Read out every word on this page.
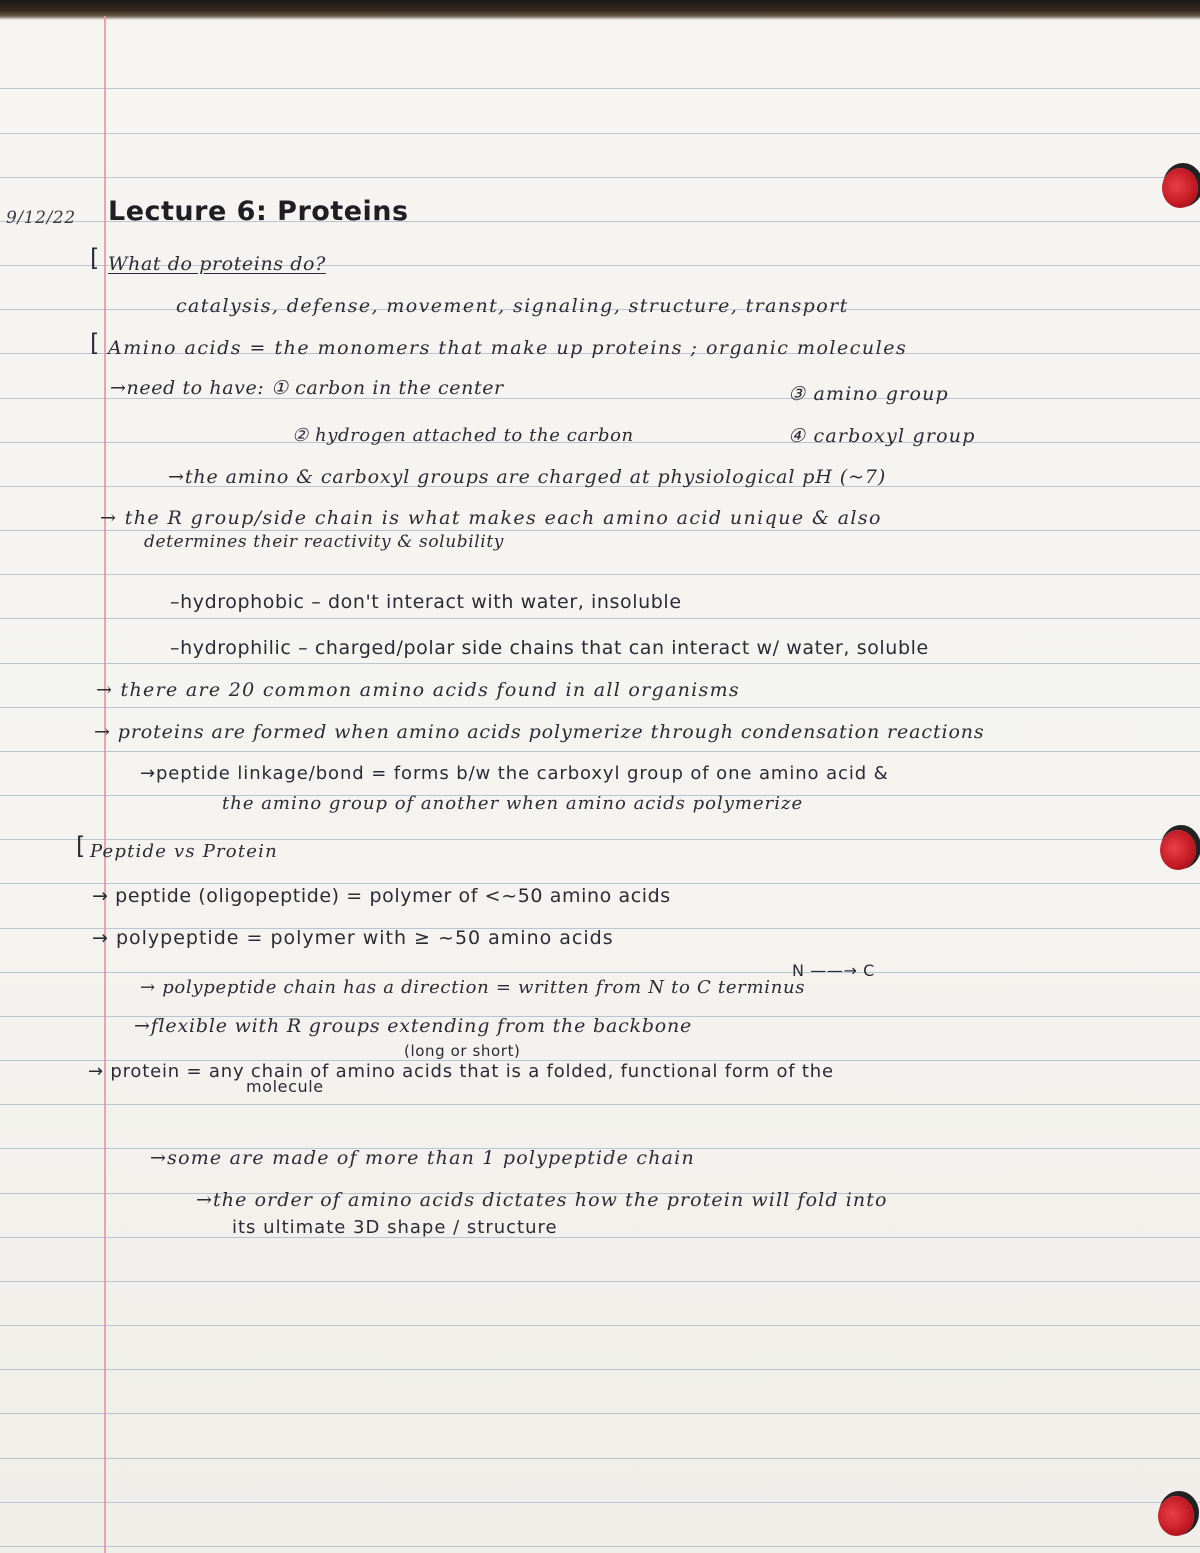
9/12/22 Lecture 6: Proteins
[ What do proteins do?
catalysis, defense, movement, signaling, structure, transport
[ Amino acids = the monomers that make up proteins ; organic molecules
→need to have: ① carbon in the center	③ amino group
② hydrogen attached to the carbon	④ carboxyl group
→the amino & carboxyl groups are charged at physiological pH (~7)
→ the R group/side chain is what makes each amino acid unique & also
determines their reactivity & solubility
–hydrophobic – don't interact with water, insoluble
–hydrophilic – charged/polar side chains that can interact w/ water, soluble
→ there are 20 common amino acids found in all organisms
→ proteins are formed when amino acids polymerize through condensation reactions
→peptide linkage/bond = forms b/w the carboxyl group of one amino acid &
the amino group of another when amino acids polymerize
[ Peptide vs Protein
→ peptide (oligopeptide) = polymer of <~50 amino acids
→ polypeptide = polymer with ≥ ~50 amino acids
N ——→ C
→ polypeptide chain has a direction = written from N to C terminus
→flexible with R groups extending from the backbone
(long or short)
→ protein = any chain of amino acids that is a folded, functional form of the
molecule
→some are made of more than 1 polypeptide chain
→the order of amino acids dictates how the protein will fold into
its ultimate 3D shape / structure
